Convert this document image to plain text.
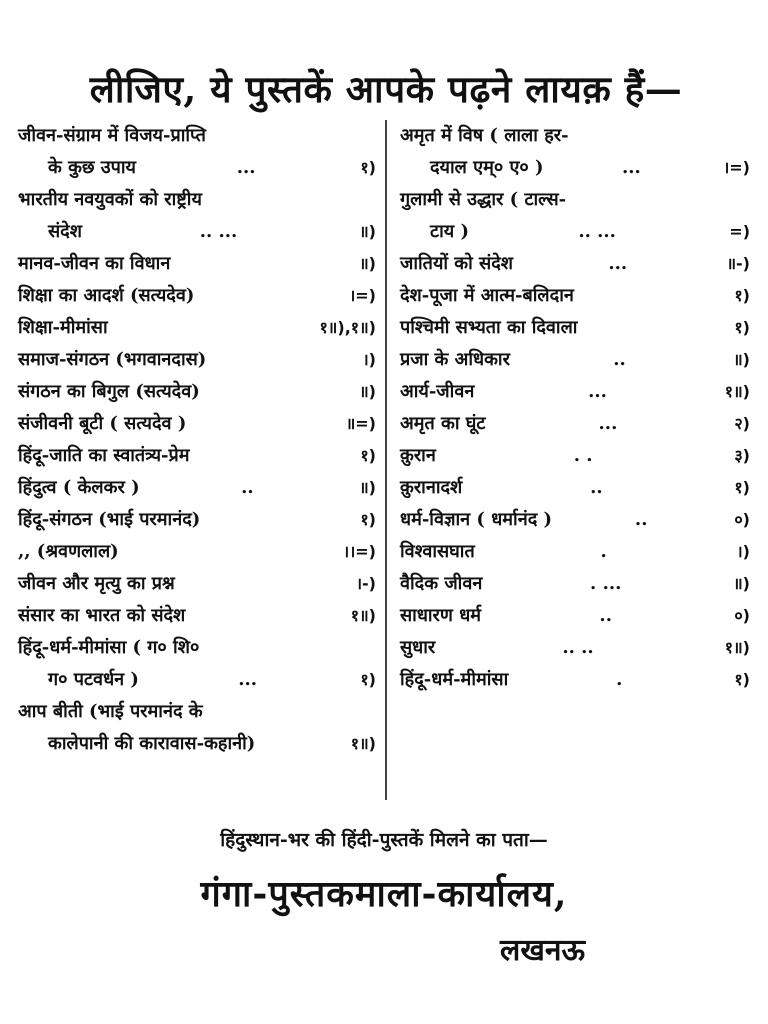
लीजिए, ये पुस्तकें आपके पढ़ने लायक़ हैं—
जीवन-संग्राम में विजय-प्राप्ति
के कुछ उपाय	...	१)
भारतीय नवयुवकों को राष्ट्रीय
संदेश	.. ...	॥)
मानव-जीवन का विधान	॥)
शिक्षा का आदर्श (सत्यदेव)	।=)
शिक्षा-मीमांसा	१॥),१॥)
समाज-संगठन (भगवानदास)	।)
संगठन का बिगुल (सत्यदेव)	॥)
संजीवनी बूटी ( सत्यदेव )	॥=)
हिंदू-जाति का स्वातंत्र्य-प्रेम	१)
हिंदुत्व ( केलकर )	..	॥)
हिंदू-संगठन (भाई परमानंद)	१)
,, (श्रवणलाल)	।।=)
जीवन और मृत्यु का प्रश्न	।-)
संसार का भारत को संदेश	१॥)
हिंदू-धर्म-मीमांसा ( ग० शि०
ग० पटवर्धन )	...	१)
आप बीती (भाई परमानंद के
कालेपानी की कारावास-कहानी)	१॥)
अमृत में विष ( लाला हर-
दयाल एम्० ए० )	...	।=)
गुलामी से उद्धार ( टाल्स-
टाय )	.. ...	=)
जातियों को संदेश	...	॥-)
देश-पूजा में आत्म-बलिदान	१)
पश्चिमी सभ्यता का दिवाला	१)
प्रजा के अधिकार	..	॥)
आर्य-जीवन	...	१॥)
अमृत का घूंट	...	२)
क़ुरान	. .	३)
क़ुरानादर्श	..	१)
धर्म-विज्ञान ( धर्मानंद )	..	०)
विश्वासघात	.	।)
वैदिक जीवन	. ...	॥)
साधारण धर्म	..	०)
सुधार	.. ..	१॥)
हिंदू-धर्म-मीमांसा	.	१)
हिंदुस्थान-भर की हिंदी-पुस्तकें मिलने का पता—
गंगा-पुस्तकमाला-कार्यालय,
लखनऊ
